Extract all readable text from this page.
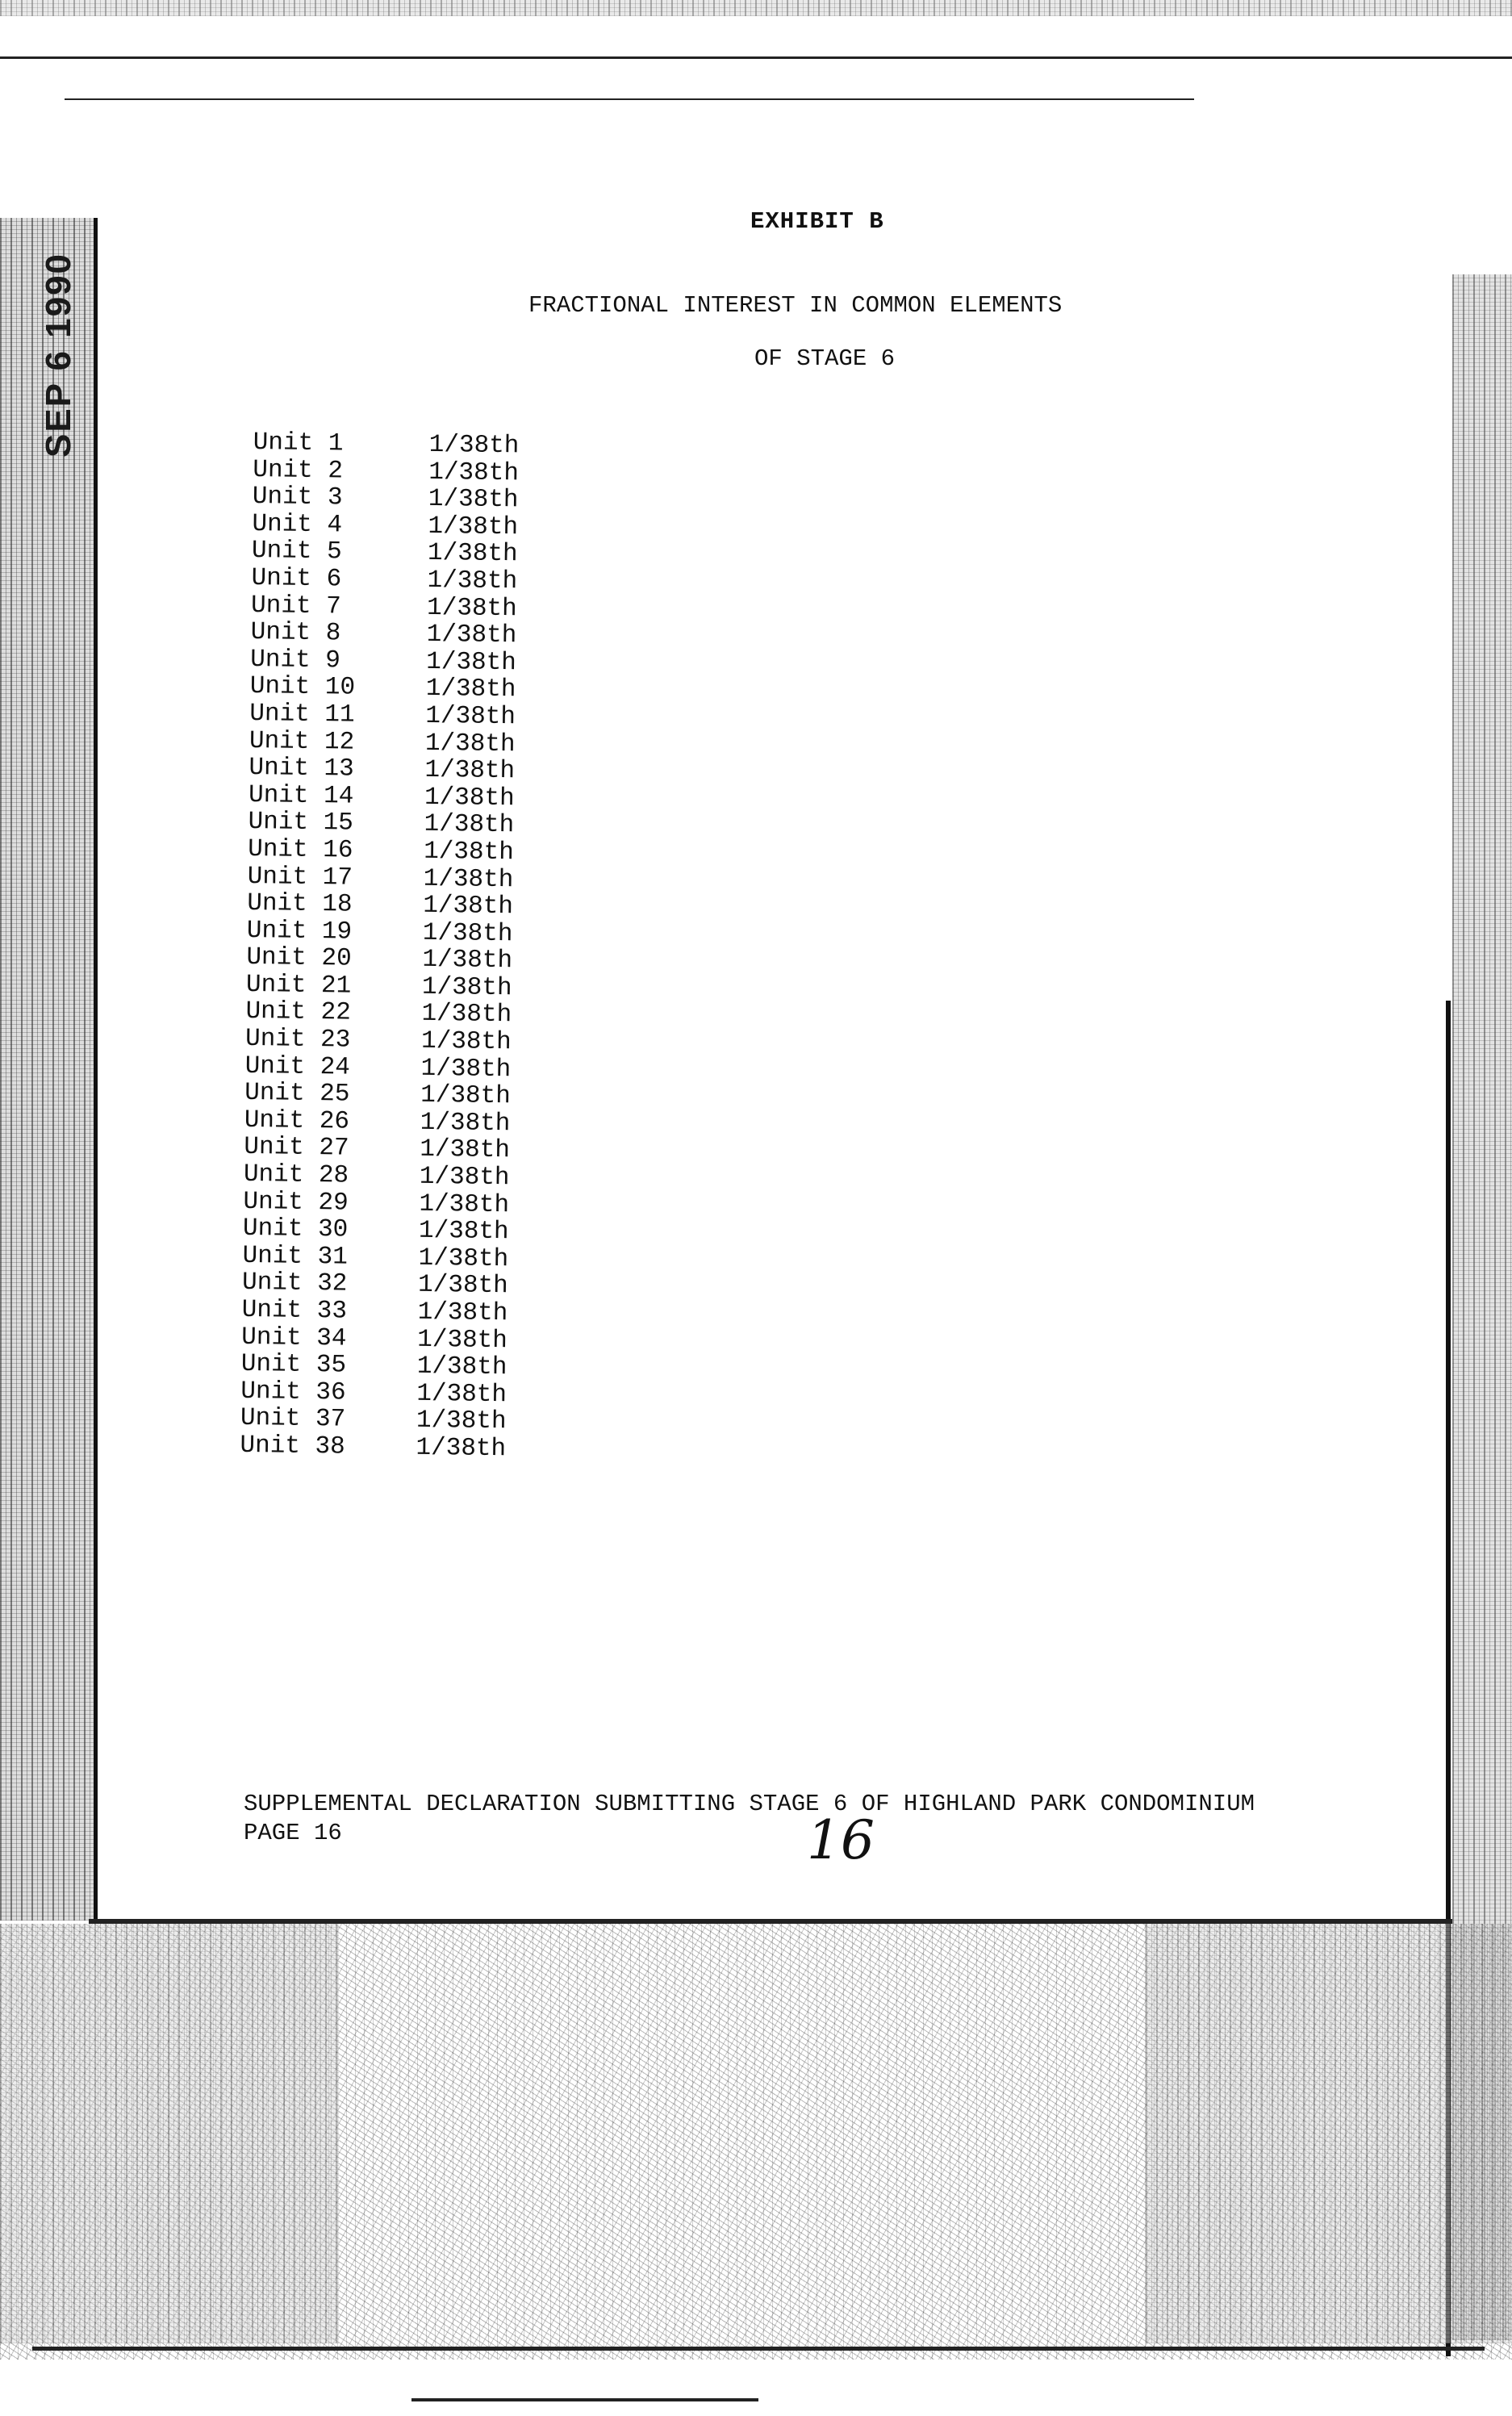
SEP 6 1990
EXHIBIT B
FRACTIONAL INTEREST IN COMMON ELEMENTS
OF STAGE 6
Unit 1	1/38th
Unit 2	1/38th
Unit 3	1/38th
Unit 4	1/38th
Unit 5	1/38th
Unit 6	1/38th
Unit 7	1/38th
Unit 8	1/38th
Unit 9	1/38th
Unit 10	1/38th
Unit 11	1/38th
Unit 12	1/38th
Unit 13	1/38th
Unit 14	1/38th
Unit 15	1/38th
Unit 16	1/38th
Unit 17	1/38th
Unit 18	1/38th
Unit 19	1/38th
Unit 20	1/38th
Unit 21	1/38th
Unit 22	1/38th
Unit 23	1/38th
Unit 24	1/38th
Unit 25	1/38th
Unit 26	1/38th
Unit 27	1/38th
Unit 28	1/38th
Unit 29	1/38th
Unit 30	1/38th
Unit 31	1/38th
Unit 32	1/38th
Unit 33	1/38th
Unit 34	1/38th
Unit 35	1/38th
Unit 36	1/38th
Unit 37	1/38th
Unit 38	1/38th
SUPPLEMENTAL DECLARATION SUBMITTING STAGE 6 OF HIGHLAND PARK CONDOMINIUM
PAGE 16	16
